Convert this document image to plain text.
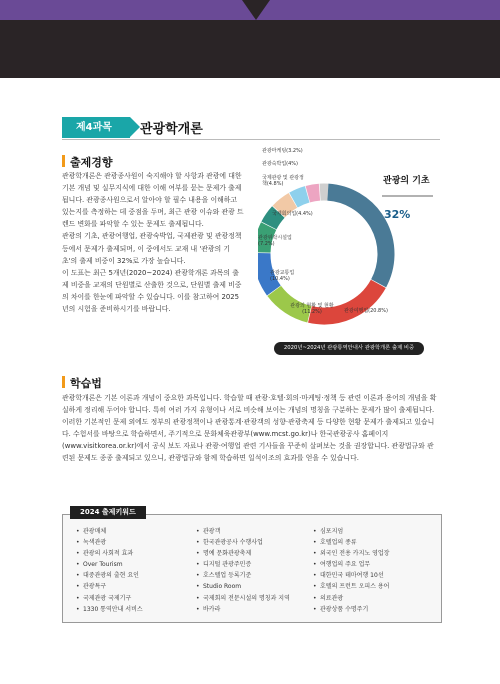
제4과목	관광학개론
출제경향
관광학개론은 관광종사원이 숙지해야 할 사항과 관광에 대한 기본 개념 및 실무지식에 대한 이해 여부를 묻는 문제가 출제됩니다. 관광종사원으로서 알아야 할 필수 내용을 이해하고 있는지를 측정하는 데 중점을 두며, 최근 관광 이슈와 관광 트렌드 변화를 파악할 수 있는 문제도 출제됩니다.
관광의 기초, 관광여행업, 관광숙박업, 국제관광 및 관광정책 등에서 문제가 출제되며, 이 중에서도 교재 내 '관광의 기초'의 출제 비중이 32%로 가장 높습니다.
이 도표는 최근 5개년(2020~2024) 관광학개론 과목의 출제 비중을 교재의 단원별로 산출한 것으로, 단원별 출제 비중의 차이를 한눈에 파악할 수 있습니다. 이를 참고하여 2025년의 시험을 준비하시기를 바랍니다.
관광마케팅(3.2%)
관광숙박업(4%)
국제관광 및 관광정책(4.8%)
국제회의업(4.4%)
관광위락시설업(7.2%)
관광교통업(10.4%)
관광의 현황 및 현황(11.2%)	관광여행업(20.8%)
관광의 기초
32%
2020년~2024년 관광통역안내사 관광학개론 출제 비중
학습법
관광학개론은 기본 이론과 개념이 중요한 과목입니다. 학습할 때 관광·호텔·회의·마케팅·정책 등 관련 이론과 용어의 개념을 확실하게 정리해 두어야 합니다. 특히 여러 가지 유형이나 서로 비슷해 보이는 개념의 명칭을 구분하는 문제가 많이 출제됩니다. 이러한 기본적인 문제 외에도 정부의 관광정책이나 관광통계·관광객의 성향·관광축제 등 다양한 현황 문제가 출제되고 있습니다. 수험서를 바탕으로 학습하면서, 주기적으로 문화체육관광부(www.mcst.go.kr)나 한국관광공사 홈페이지(www.visitkorea.or.kr)에서 공식 보도 자료나 관광·여행업 관련 기사들을 꾸준히 살펴보는 것을 권장합니다. 관광법규와 관련된 문제도 종종 출제되고 있으니, 관광법규와 함께 학습하면 일석이조의 효과를 얻을 수 있습니다.
2024 출제키워드
• 관광매체
• 녹색관광
• 관광의 사회적 효과
• Over Tourism
• 대중관광의 출현 요인
• 관광특구
• 국제관광 국제기구
• 1330 통역안내 서비스
• 관광객
• 한국관광공사 수행사업
• 명예 문화관광축제
• 디지털 관광주민증
• 호스텔업 등록기준
• Studio Room
• 국제회의 전문시설의 명칭과 지역
• 바카라
• 심포지엄
• 호텔업의 종류
• 외국인 전용 카지노 영업장
• 여행업의 주요 업무
• 대한민국 테마여행 10선
• 호텔의 프런트 오피스 용어
• 의료관광
• 관광상품 수명주기
